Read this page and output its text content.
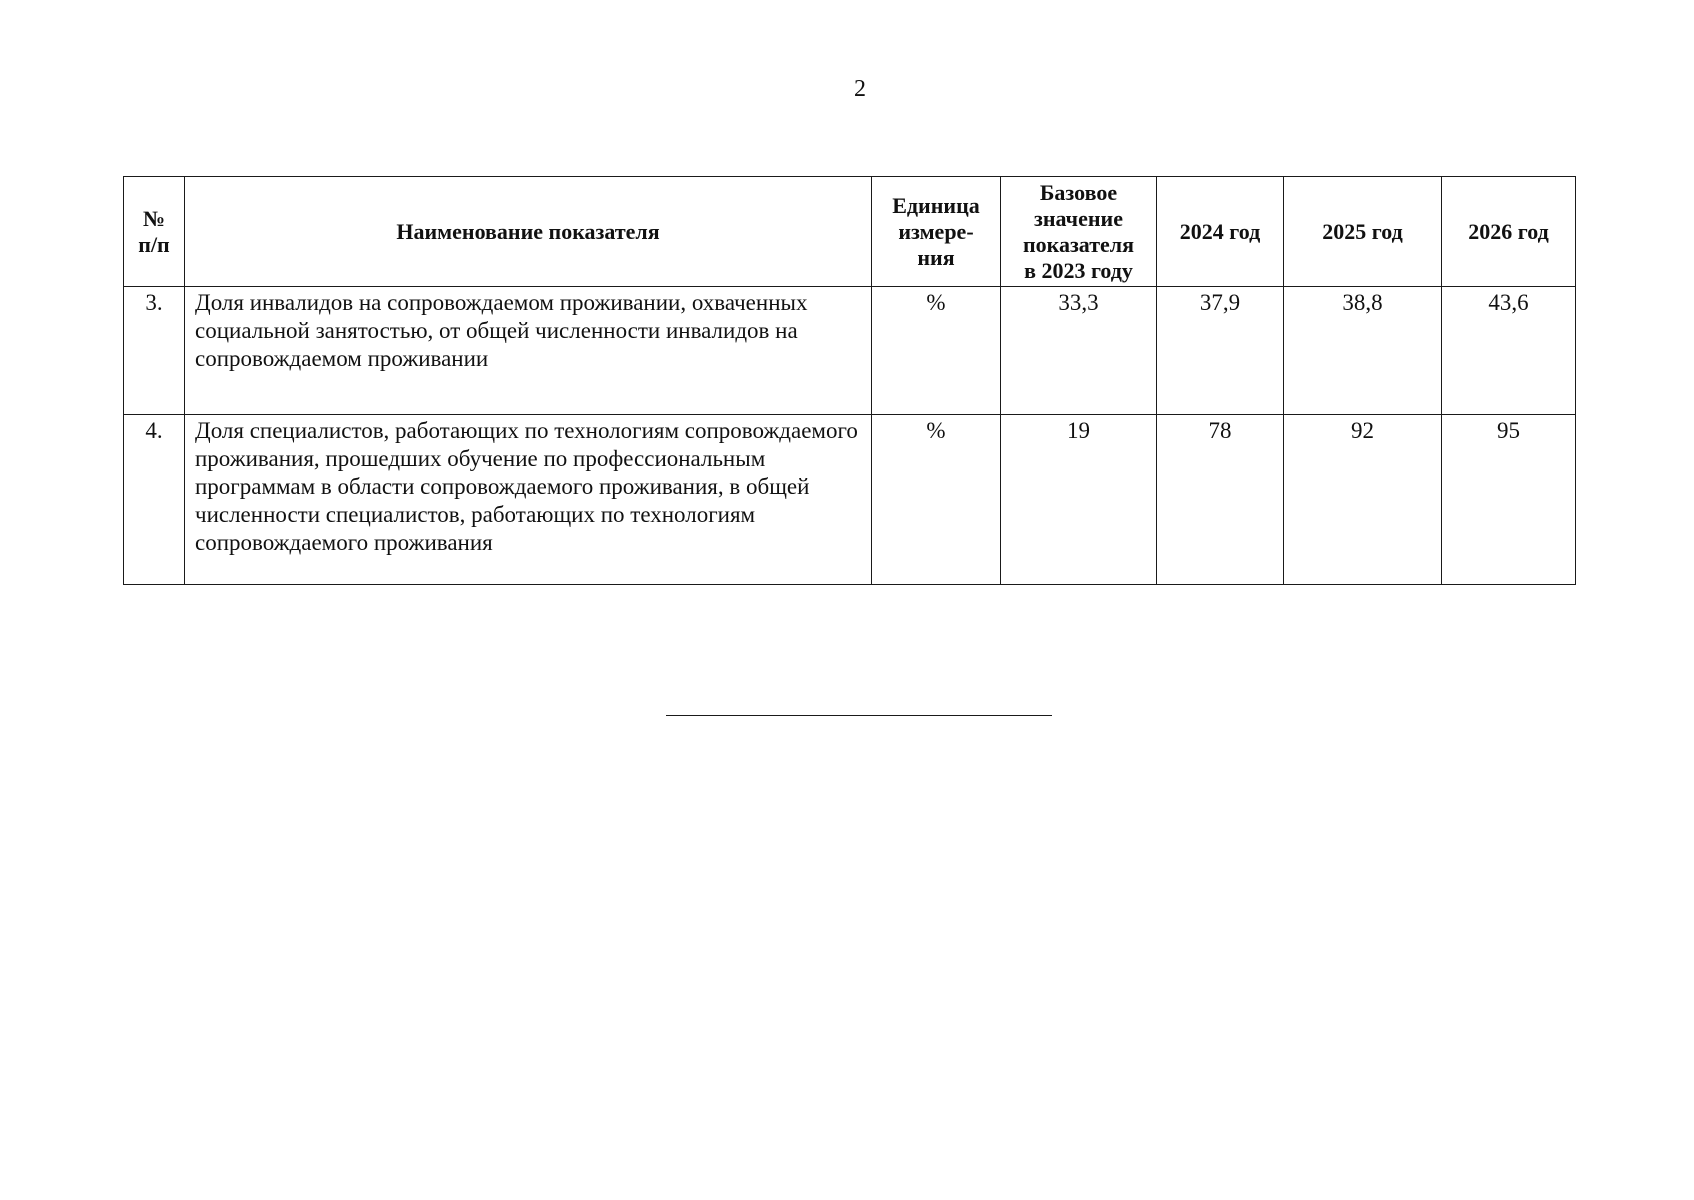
2
№ п/п	Наименование показателя	Единица измере-ния	Базовое значение показателя в 2023 году	2024 год	2025 год	2026 год
3.	Доля инвалидов на сопровождаемом проживании, охваченных социальной занятостью, от общей численности инвалидов на сопровождаемом проживании	%	33,3	37,9	38,8	43,6
4.	Доля специалистов, работающих по технологиям сопровождаемого проживания, прошедших обучение по профессиональным программам в области сопровождаемого проживания, в общей численности специалистов, работающих по технологиям сопровождаемого проживания	%	19	78	92	95
